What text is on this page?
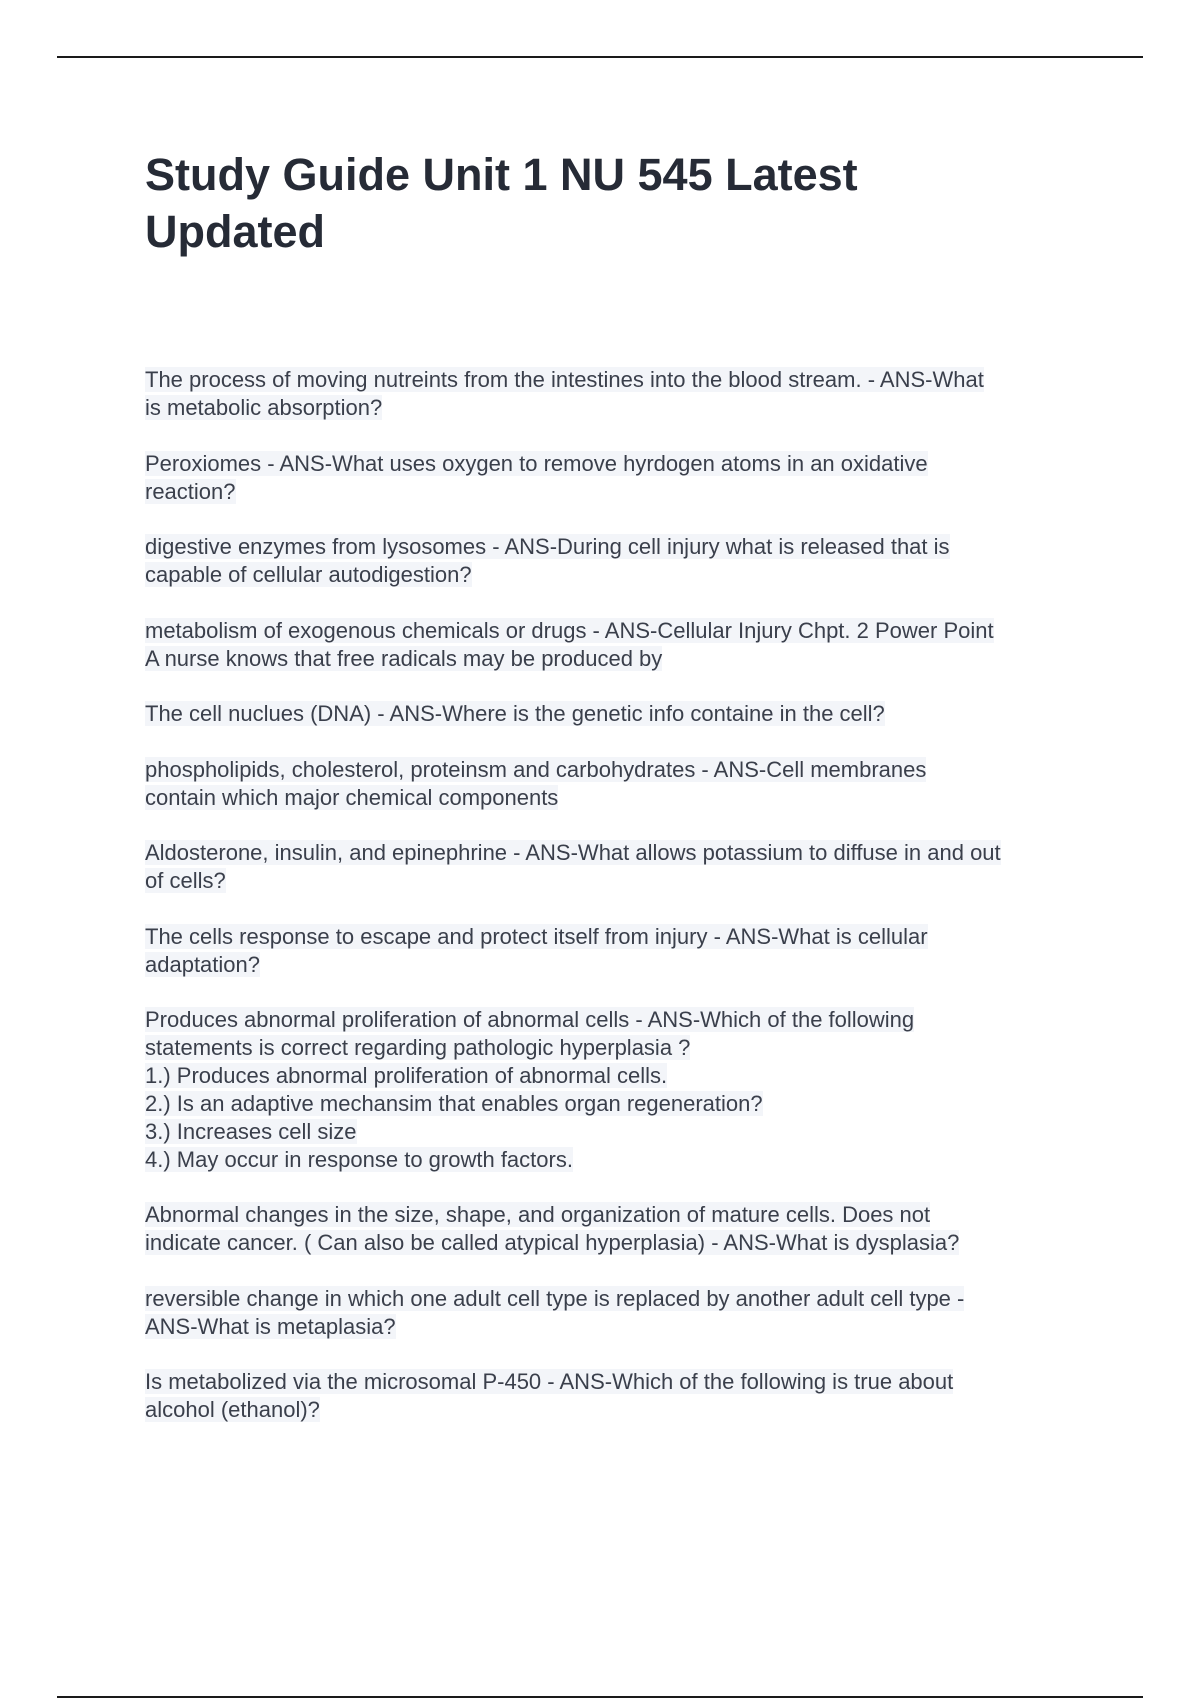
Study Guide Unit 1 NU 545 Latest Updated
The process of moving nutreints from the intestines into the blood stream. - ANS-What
is metabolic absorption?
Peroxiomes - ANS-What uses oxygen to remove hyrdogen atoms in an oxidative
reaction?
digestive enzymes from lysosomes - ANS-During cell injury what is released that is
capable of cellular autodigestion?
metabolism of exogenous chemicals or drugs - ANS-Cellular Injury Chpt. 2 Power Point
A nurse knows that free radicals may be produced by
The cell nuclues (DNA) - ANS-Where is the genetic info containe in the cell?
phospholipids, cholesterol, proteinsm and carbohydrates - ANS-Cell membranes
contain which major chemical components
Aldosterone, insulin, and epinephrine - ANS-What allows potassium to diffuse in and out
of cells?
The cells response to escape and protect itself from injury - ANS-What is cellular
adaptation?
Produces abnormal proliferation of abnormal cells - ANS-Which of the following
statements is correct regarding pathologic hyperplasia ?
1.) Produces abnormal proliferation of abnormal cells.
2.) Is an adaptive mechansim that enables organ regeneration?
3.) Increases cell size
4.) May occur in response to growth factors.
Abnormal changes in the size, shape, and organization of mature cells. Does not
indicate cancer. ( Can also be called atypical hyperplasia) - ANS-What is dysplasia?
reversible change in which one adult cell type is replaced by another adult cell type -
ANS-What is metaplasia?
Is metabolized via the microsomal P-450 - ANS-Which of the following is true about
alcohol (ethanol)?
